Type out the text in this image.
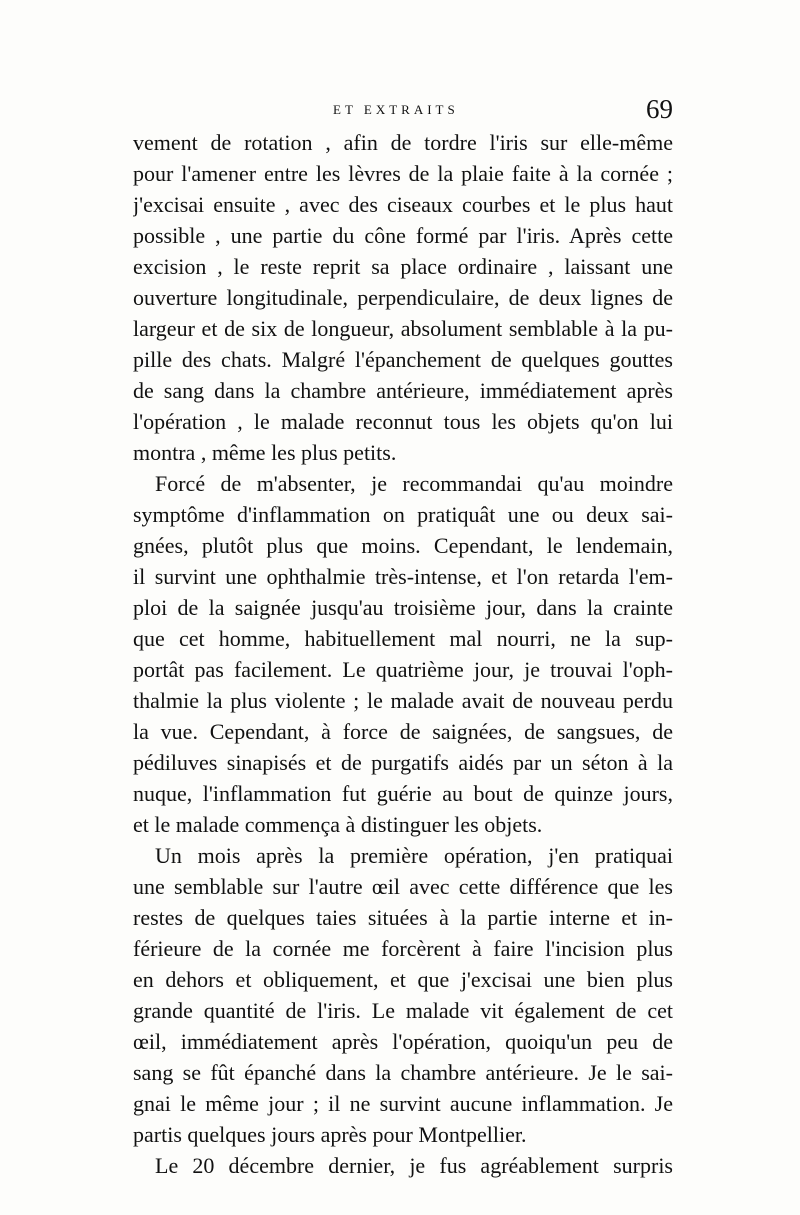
ET EXTRAITS	69
vement de rotation , afin de tordre l'iris sur elle-même
pour l'amener entre les lèvres de la plaie faite à la cornée ;
j'excisai ensuite , avec des ciseaux courbes et le plus haut
possible , une partie du cône formé par l'iris. Après cette
excision , le reste reprit sa place ordinaire , laissant une
ouverture longitudinale, perpendiculaire, de deux lignes de
largeur et de six de longueur, absolument semblable à la pu-
pille des chats. Malgré l'épanchement de quelques gouttes
de sang dans la chambre antérieure, immédiatement après
l'opération , le malade reconnut tous les objets qu'on lui
montra , même les plus petits.
Forcé de m'absenter, je recommandai qu'au moindre
symptôme d'inflammation on pratiquât une ou deux sai-
gnées, plutôt plus que moins. Cependant, le lendemain,
il survint une ophthalmie très-intense, et l'on retarda l'em-
ploi de la saignée jusqu'au troisième jour, dans la crainte
que cet homme, habituellement mal nourri, ne la sup-
portât pas facilement. Le quatrième jour, je trouvai l'oph-
thalmie la plus violente ; le malade avait de nouveau perdu
la vue. Cependant, à force de saignées, de sangsues, de
pédiluves sinapisés et de purgatifs aidés par un séton à la
nuque, l'inflammation fut guérie au bout de quinze jours,
et le malade commença à distinguer les objets.
Un mois après la première opération, j'en pratiquai
une semblable sur l'autre œil avec cette différence que les
restes de quelques taies situées à la partie interne et in-
férieure de la cornée me forcèrent à faire l'incision plus
en dehors et obliquement, et que j'excisai une bien plus
grande quantité de l'iris. Le malade vit également de cet
œil, immédiatement après l'opération, quoiqu'un peu de
sang se fût épanché dans la chambre antérieure. Je le sai-
gnai le même jour ; il ne survint aucune inflammation. Je
partis quelques jours après pour Montpellier.
Le 20 décembre dernier, je fus agréablement surpris
